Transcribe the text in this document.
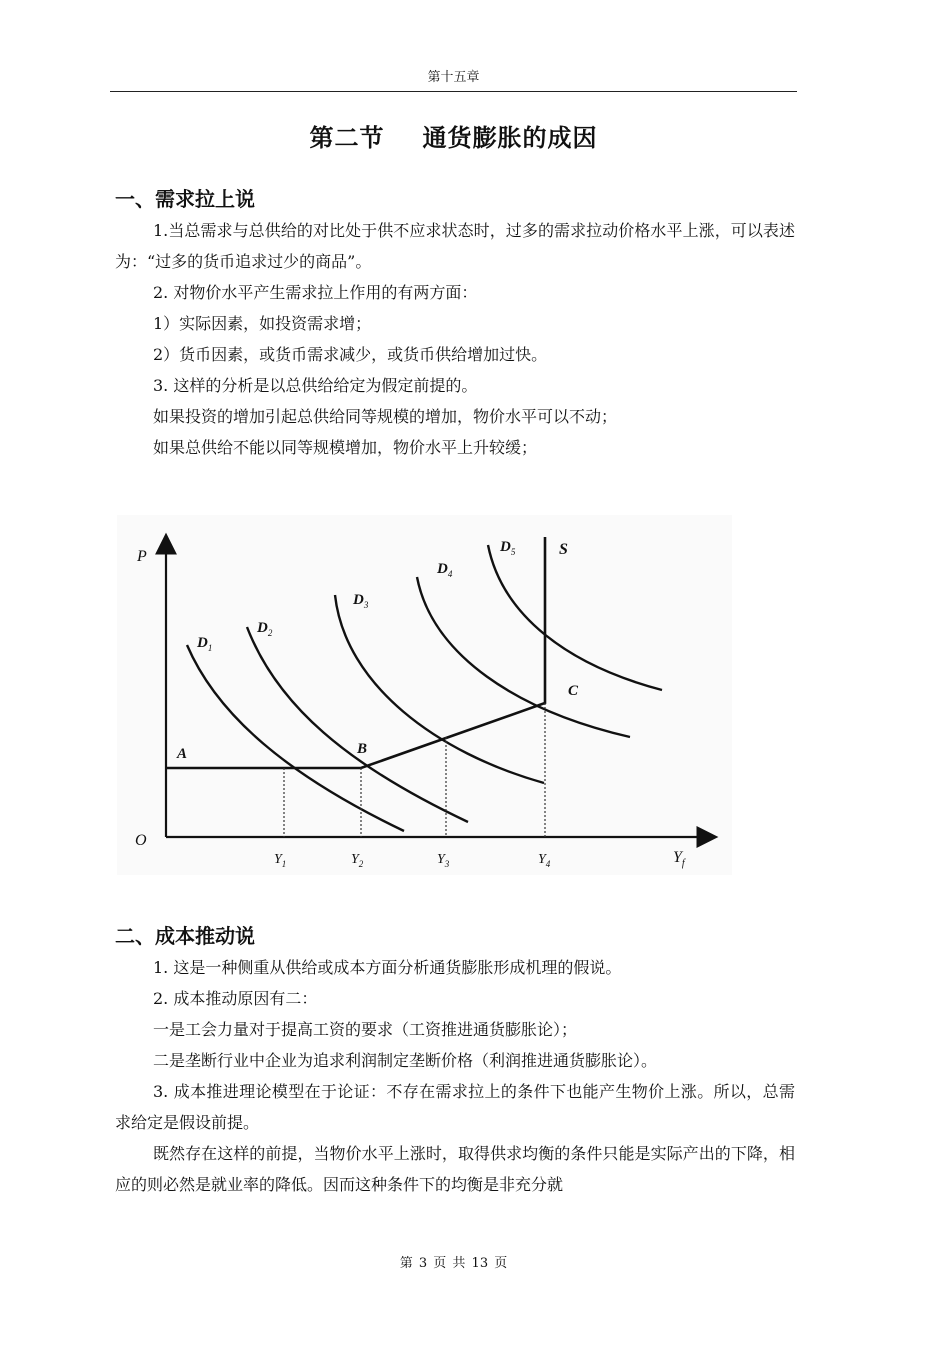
第十五章
第二节 通货膨胀的成因
一、需求拉上说

1.当总需求与总供给的对比处于供不应求状态时，过多的需求拉动价格水平上涨，可以表述为：“过多的货币追求过少的商品”。

2. 对物价水平产生需求拉上作用的有两方面：

1）实际因素，如投资需求增；

2）货币因素，或货币需求减少，或货币供给增加过快。

3. 这样的分析是以总供给给定为假定前提的。

如果投资的增加引起总供给同等规模的增加，物价水平可以不动；

如果总供给不能以同等规模增加，物价水平上升较缓；

P
O
$Y_f$
S
$D_1$
$D_2$
$D_3$
$D_4$
$D_5$
A	B
C
$Y_1$	$Y_2$	$Y_3$	$Y_4$
二、成本推动说

1. 这是一种侧重从供给或成本方面分析通货膨胀形成机理的假说。

2. 成本推动原因有二：

一是工会力量对于提高工资的要求（工资推进通货膨胀论）；

二是垄断行业中企业为追求利润制定垄断价格（利润推进通货膨胀论）。

3. 成本推进理论模型在于论证：不存在需求拉上的条件下也能产生物价上涨。所以，总需求给定是假设前提。

既然存在这样的前提，当物价水平上涨时，取得供求均衡的条件只能是实际产出的下降，相应的则必然是就业率的降低。因而这种条件下的均衡是非充分就

第 3 页 共 13 页
